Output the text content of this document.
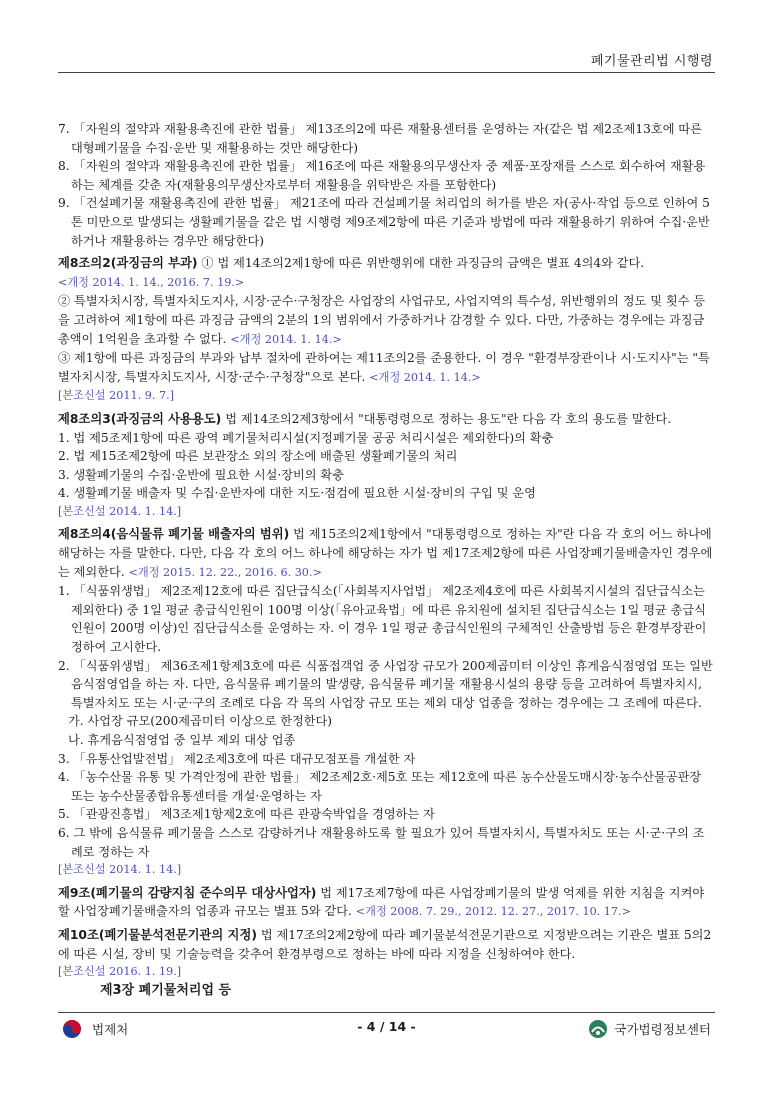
폐기물관리법 시행령

7. 「자원의 절약과 재활용촉진에 관한 법률」 제13조의2에 따른 재활용센터를 운영하는 자(같은 법 제2조제13호에 따른 대형폐기물을 수집·운반 및 재활용하는 것만 해당한다)

8. 「자원의 절약과 재활용촉진에 관한 법률」 제16조에 따른 재활용의무생산자 중 제품·포장재를 스스로 회수하여 재활용하는 체계를 갖춘 자(재활용의무생산자로부터 재활용을 위탁받은 자를 포함한다)

9. 「건설폐기물 재활용촉진에 관한 법률」 제21조에 따라 건설폐기물 처리업의 허가를 받은 자(공사·작업 등으로 인하여 5톤 미만으로 발생되는 생활폐기물을 같은 법 시행령 제9조제2항에 따른 기준과 방법에 따라 재활용하기 위하여 수집·운반하거나 재활용하는 경우만 해당한다)

제8조의2(과징금의 부과) ① 법 제14조의2제1항에 따른 위반행위에 대한 과징금의 금액은 별표 4의4와 같다.
<개정 2014. 1. 14., 2016. 7. 19.>

② 특별자치시장, 특별자치도지사, 시장·군수·구청장은 사업장의 사업규모, 사업지역의 특수성, 위반행위의 정도 및 횟수 등을 고려하여 제1항에 따른 과징금 금액의 2분의 1의 범위에서 가중하거나 감경할 수 있다. 다만, 가중하는 경우에는 과징금 총액이 1억원을 초과할 수 없다. <개정 2014. 1. 14.>

③ 제1항에 따른 과징금의 부과와 납부 절차에 관하여는 제11조의2를 준용한다. 이 경우 "환경부장관이나 시·도지사"는 "특별자치시장, 특별자치도지사, 시장·군수·구청장"으로 본다. <개정 2014. 1. 14.>

[본조신설 2011. 9. 7.]

제8조의3(과징금의 사용용도) 법 제14조의2제3항에서 "대통령령으로 정하는 용도"란 다음 각 호의 용도를 말한다.

1. 법 제5조제1항에 따른 광역 폐기물처리시설(지정폐기물 공공 처리시설은 제외한다)의 확충

2. 법 제15조제2항에 따른 보관장소 외의 장소에 배출된 생활폐기물의 처리

3. 생활폐기물의 수집·운반에 필요한 시설·장비의 확충

4. 생활폐기물 배출자 및 수집·운반자에 대한 지도·점검에 필요한 시설·장비의 구입 및 운영

[본조신설 2014. 1. 14.]

제8조의4(음식물류 폐기물 배출자의 범위) 법 제15조의2제1항에서 "대통령령으로 정하는 자"란 다음 각 호의 어느 하나에 해당하는 자를 말한다. 다만, 다음 각 호의 어느 하나에 해당하는 자가 법 제17조제2항에 따른 사업장폐기물배출자인 경우에는 제외한다. <개정 2015. 12. 22., 2016. 6. 30.>

1. 「식품위생법」 제2조제12호에 따른 집단급식소(「사회복지사업법」 제2조제4호에 따른 사회복지시설의 집단급식소는 제외한다) 중 1일 평균 총급식인원이 100명 이상(「유아교육법」에 따른 유치원에 설치된 집단급식소는 1일 평균 총급식인원이 200명 이상)인 집단급식소를 운영하는 자. 이 경우 1일 평균 총급식인원의 구체적인 산출방법 등은 환경부장관이 정하여 고시한다.

2. 「식품위생법」 제36조제1항제3호에 따른 식품접객업 중 사업장 규모가 200제곱미터 이상인 휴게음식점영업 또는 일반음식점영업을 하는 자. 다만, 음식물류 폐기물의 발생량, 음식물류 폐기물 재활용시설의 용량 등을 고려하여 특별자치시, 특별자치도 또는 시·군·구의 조례로 다음 각 목의 사업장 규모 또는 제외 대상 업종을 정하는 경우에는 그 조례에 따른다.

가. 사업장 규모(200제곱미터 이상으로 한정한다)

나. 휴게음식점영업 중 일부 제외 대상 업종

3. 「유통산업발전법」 제2조제3호에 따른 대규모점포를 개설한 자

4. 「농수산물 유통 및 가격안정에 관한 법률」 제2조제2호·제5호 또는 제12호에 따른 농수산물도매시장·농수산물공판장 또는 농수산물종합유통센터를 개설·운영하는 자

5. 「관광진흥법」 제3조제1항제2호에 따른 관광숙박업을 경영하는 자

6. 그 밖에 음식물류 폐기물을 스스로 감량하거나 재활용하도록 할 필요가 있어 특별자치시, 특별자치도 또는 시·군·구의 조례로 정하는 자

[본조신설 2014. 1. 14.]

제9조(폐기물의 감량지침 준수의무 대상사업자) 법 제17조제7항에 따른 사업장폐기물의 발생 억제를 위한 지침을 지켜야 할 사업장폐기물배출자의 업종과 규모는 별표 5와 같다. <개정 2008. 7. 29., 2012. 12. 27., 2017. 10. 17.>

제10조(폐기물분석전문기관의 지정) 법 제17조의2제2항에 따라 폐기물분석전문기관으로 지정받으려는 기관은 별표 5의2에 따른 시설, 장비 및 기술능력을 갖추어 환경부령으로 정하는 바에 따라 지정을 신청하여야 한다.

[본조신설 2016. 1. 19.]

제3장 폐기물처리업 등

법제처	- 4 / 14 -	국가법령정보센터
